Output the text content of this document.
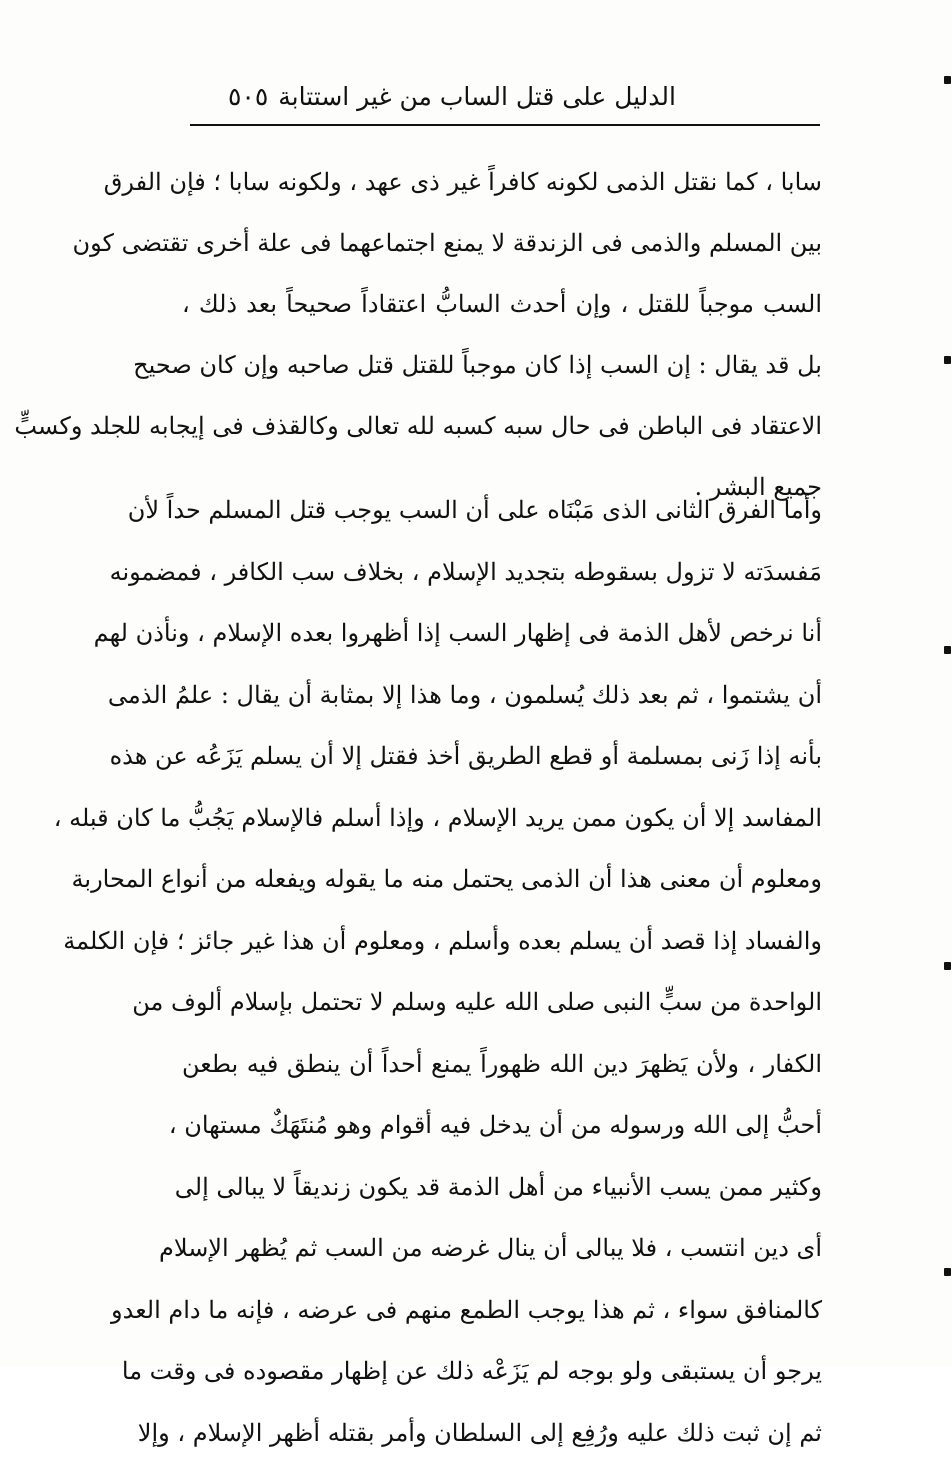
الدليل على قتل الساب من غير استتابة
٥٠٥
سابا ، كما نقتل الذمى لكونه كافراً غير ذى عهد ، ولكونه سابا ؛ فإن الفرق
بين المسلم والذمى فى الزندقة لا يمنع اجتماعهما فى علة أخرى تقتضى كون
السب موجباً للقتل ، وإن أحدث السابُّ اعتقاداً صحيحاً بعد ذلك ،
بل قد يقال : إن السب إذا كان موجباً للقتل قتل صاحبه وإن كان صحيح
الاعتقاد فى الباطن فى حال سبه كسبه لله تعالى وكالقذف فى إيجابه للجلد وكسبٍّ
جميع البشر .
وأما الفرق الثانى الذى مَبْنَاه على أن السب يوجب قتل المسلم حداً لأن
مَفسدَته لا تزول بسقوطه بتجديد الإسلام ، بخلاف سب الكافر ، فمضمونه
أنا نرخص لأهل الذمة فى إظهار السب إذا أظهروا بعده الإسلام ، ونأذن لهم
أن يشتموا ، ثم بعد ذلك يُسلمون ، وما هذا إلا بمثابة أن يقال : علمُ الذمى
بأنه إذا زَنى بمسلمة أو قطع الطريق أخذ فقتل إلا أن يسلم يَزَعُه عن هذه
المفاسد إلا أن يكون ممن يريد الإسلام ، وإذا أسلم فالإسلام يَجُبُّ ما كان قبله ،
ومعلوم أن معنى هذا أن الذمى يحتمل منه ما يقوله ويفعله من أنواع المحاربة
والفساد إذا قصد أن يسلم بعده وأسلم ، ومعلوم أن هذا غير جائز ؛ فإن الكلمة
الواحدة من سبٍّ النبى صلى الله عليه وسلم لا تحتمل بإسلام ألوف من
الكفار ، ولأن يَظهرَ دين الله ظهوراً يمنع أحداً أن ينطق فيه بطعن
أحبُّ إلى الله ورسوله من أن يدخل فيه أقوام وهو مُنتَهَكٌ مستهان ،
وكثير ممن يسب الأنبياء من أهل الذمة قد يكون زنديقاً لا يبالى إلى
أى دين انتسب ، فلا يبالى أن ينال غرضه من السب ثم يُظهر الإسلام
كالمنافق سواء ، ثم هذا يوجب الطمع منهم فى عرضه ، فإنه ما دام العدو
يرجو أن يستبقى ولو بوجه لم يَزَعْه ذلك عن إظهار مقصوده فى وقت ما
ثم إن ثبت ذلك عليه ورُفِع إلى السلطان وأمر بقتله أظهر الإسلام ، وإلا
